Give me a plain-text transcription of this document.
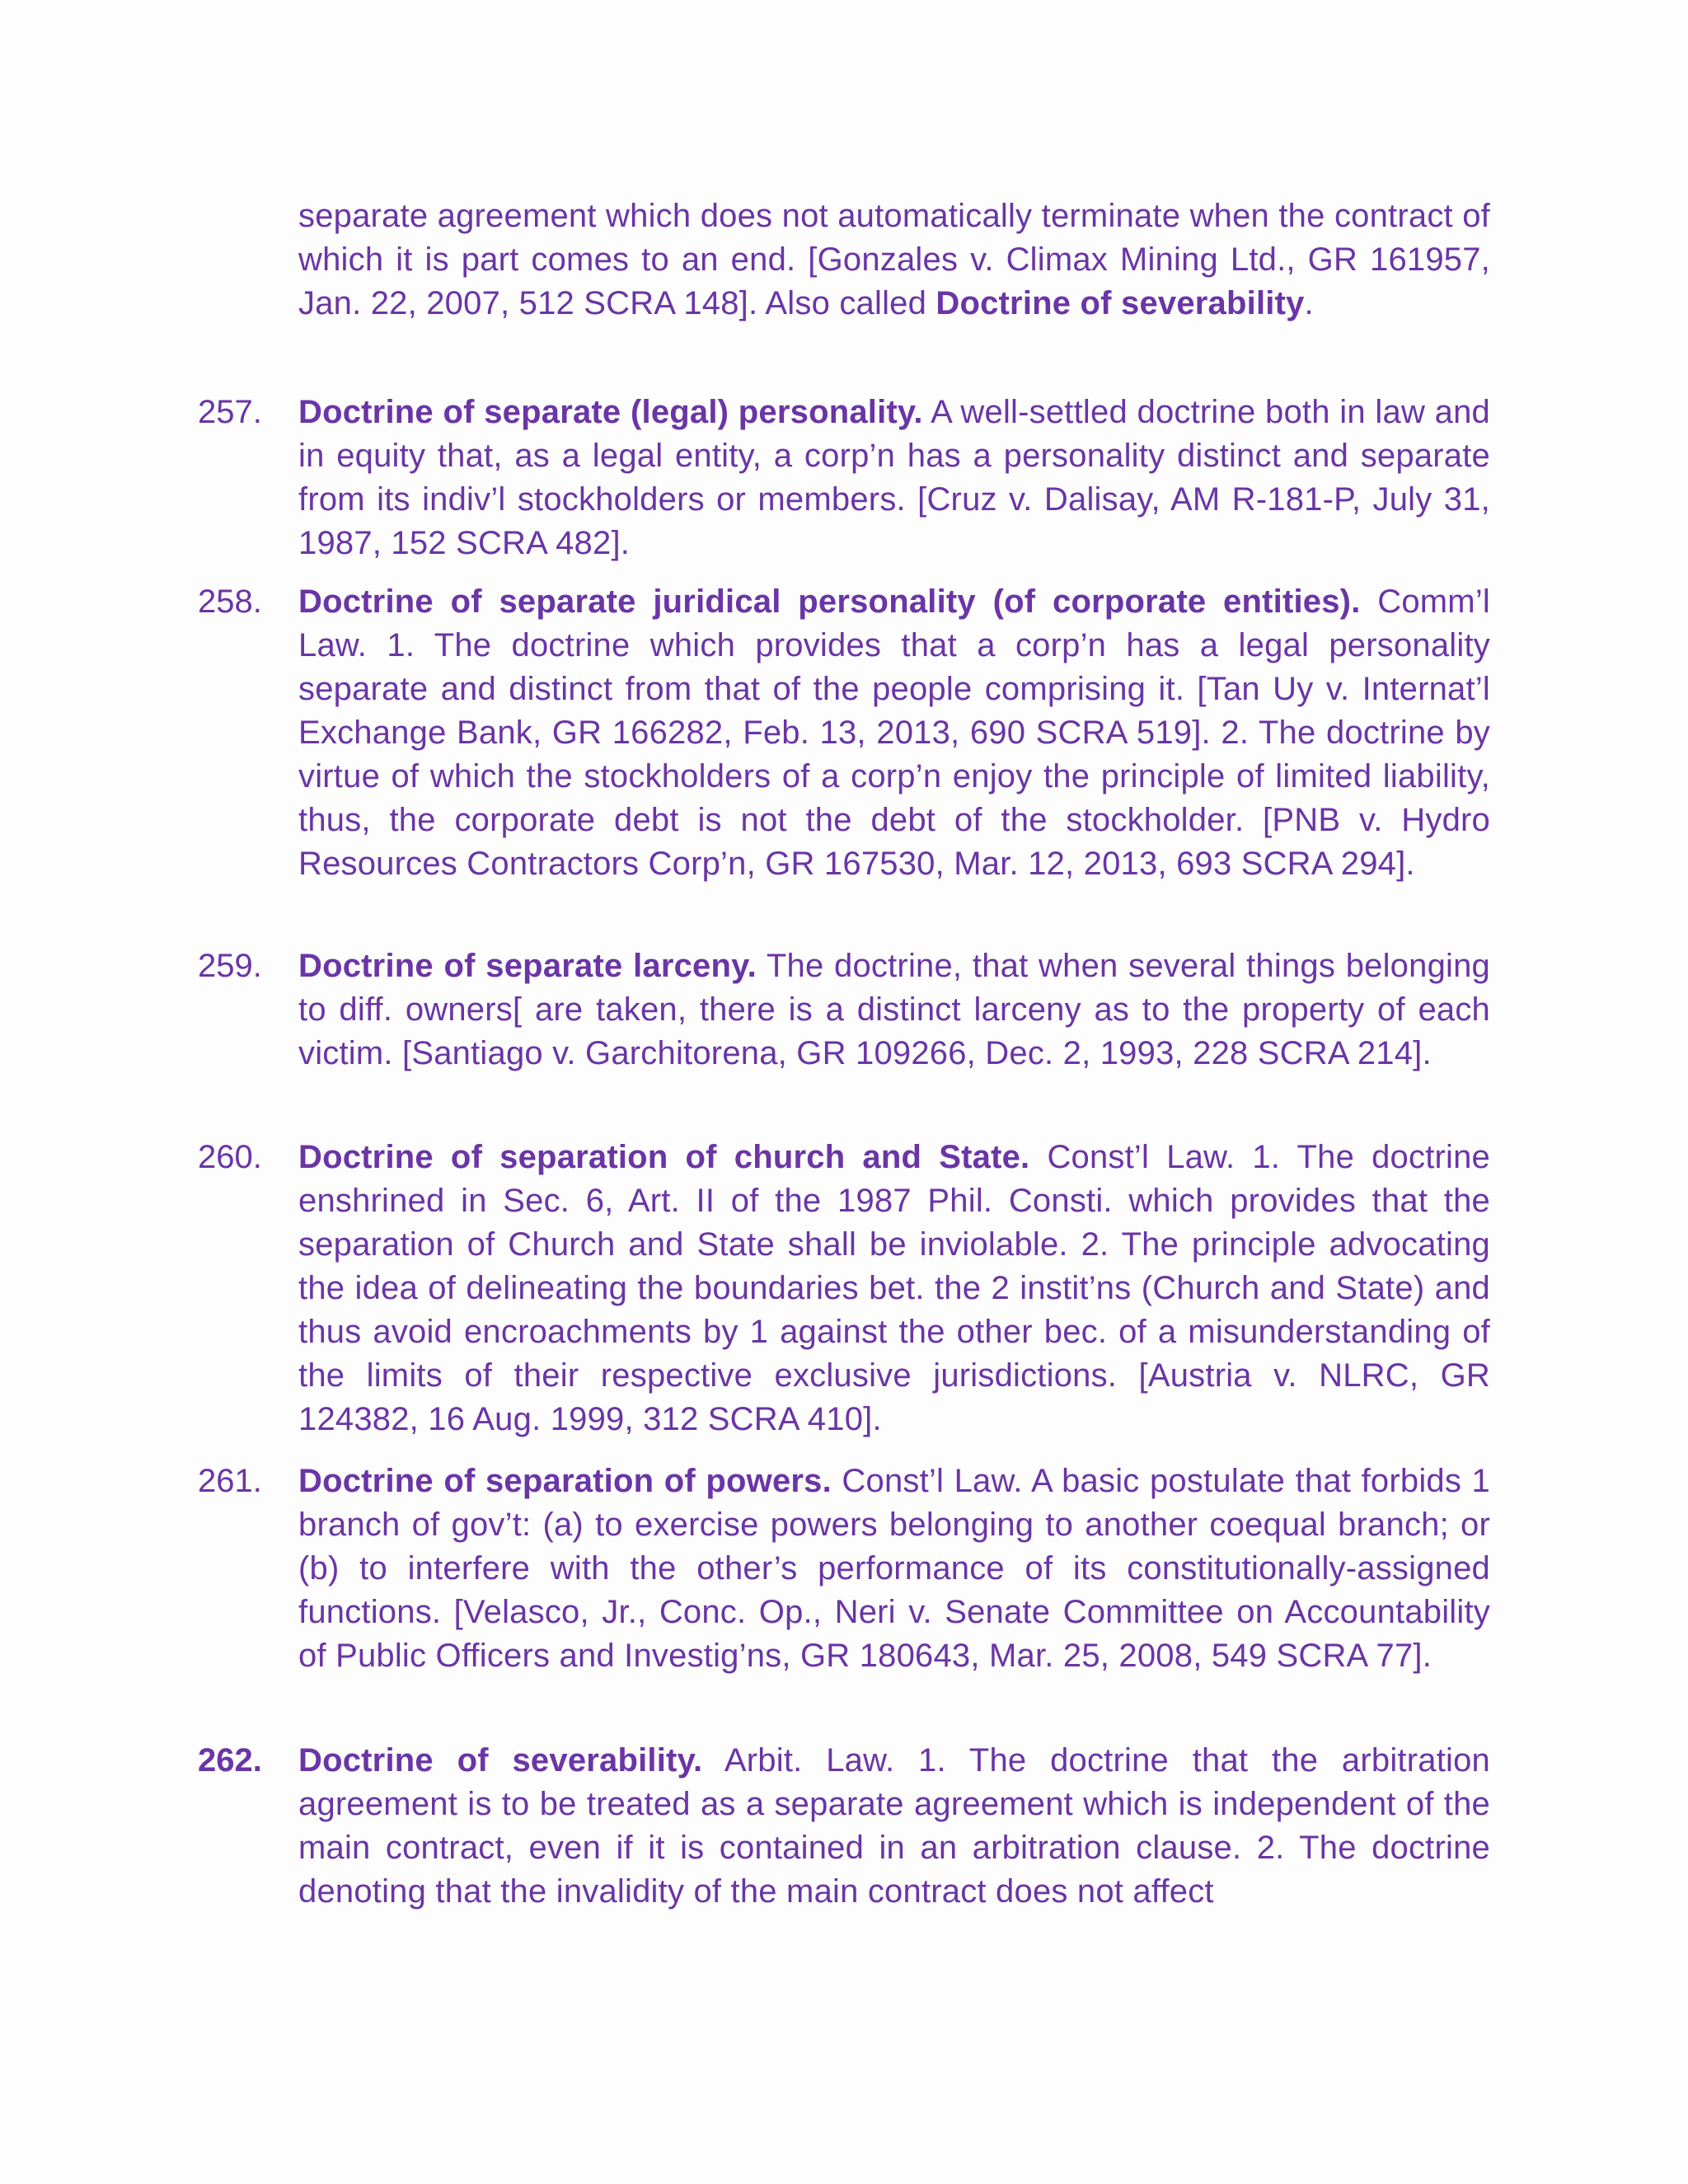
separate agreement which does not automatically terminate when the contract of which it is part comes to an end. [Gonzales v. Climax Mining Ltd., GR 161957, Jan. 22, 2007, 512 SCRA 148]. Also called Doctrine of severability.

257.	Doctrine of separate (legal) personality. A well-settled doctrine both in law and in equity that, as a legal entity, a corp’n has a personality distinct and separate from its indiv’l stockholders or members. [Cruz v. Dalisay, AM R-181-P, July 31, 1987, 152 SCRA 482].

258.	Doctrine of separate juridical personality (of corporate entities). Comm’l Law. 1. The doctrine which provides that a corp’n has a legal personality separate and distinct from that of the people comprising it. [Tan Uy v. Internat’l Exchange Bank, GR 166282, Feb. 13, 2013, 690 SCRA 519]. 2. The doctrine by virtue of which the stockholders of a corp’n enjoy the principle of limited liability, thus, the corporate debt is not the debt of the stockholder. [PNB v. Hydro Resources Contractors Corp’n, GR 167530, Mar. 12, 2013, 693 SCRA 294].

259.	Doctrine of separate larceny. The doctrine, that when several things belonging to diff. owners[ are taken, there is a distinct larceny as to the property of each victim. [Santiago v. Garchitorena, GR 109266, Dec. 2, 1993, 228 SCRA 214].

260.	Doctrine of separation of church and State. Const’l Law. 1. The doctrine enshrined in Sec. 6, Art. II of the 1987 Phil. Consti. which provides that the separation of Church and State shall be inviolable. 2. The principle advocating the idea of delineating the boundaries bet. the 2 instit’ns (Church and State) and thus avoid encroachments by 1 against the other bec. of a misunderstanding of the limits of their respective exclusive jurisdictions. [Austria v. NLRC, GR 124382, 16 Aug. 1999, 312 SCRA 410].

261.	Doctrine of separation of powers. Const’l Law. A basic postulate that forbids 1 branch of gov’t: (a) to exercise powers belonging to another coequal branch; or (b) to interfere with the other’s performance of its constitutionally-assigned functions. [Velasco, Jr., Conc. Op., Neri v. Senate Committee on Accountability of Public Officers and Investig’ns, GR 180643, Mar. 25, 2008, 549 SCRA 77].

262.	Doctrine of severability. Arbit. Law. 1. The doctrine that the arbitration agreement is to be treated as a separate agreement which is independent of the main contract, even if it is contained in an arbitration clause. 2. The doctrine denoting that the invalidity of the main contract does not affect
